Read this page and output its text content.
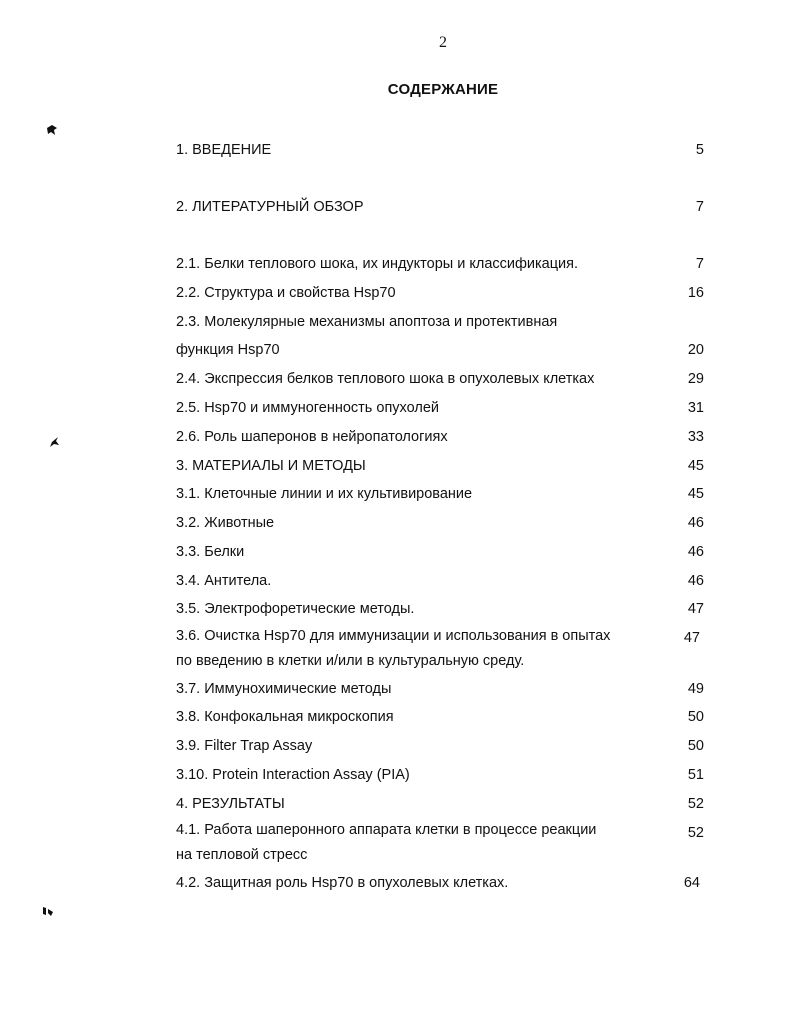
2
СОДЕРЖАНИЕ
1. ВВЕДЕНИЕ	5
2. ЛИТЕРАТУРНЫЙ ОБЗОР	7
2.1. Белки теплового шока, их индукторы и классификация.	7
2.2. Структура и свойства Hsp70	16
2.3. Молекулярные механизмы апоптоза и протективная
функция Hsp70	20
2.4. Экспрессия белков теплового шока в опухолевых клетках	29
2.5. Hsp70 и иммуногенность опухолей	31
2.6. Роль шаперонов в нейропатологиях	33
3. МАТЕРИАЛЫ И МЕТОДЫ	45
3.1. Клеточные линии и их культивирование	45
3.2. Животные	46
3.3. Белки	46
3.4. Антитела.	46
3.5. Электрофоретические методы.	47
3.6. Очистка Hsp70 для иммунизации и использования в опытах	47
по введению в клетки и/или в культуральную среду.
3.7. Иммунохимические методы	49
3.8. Конфокальная микроскопия	50
3.9. Filter Trap Assay	50
3.10. Protein Interaction Assay (PIA)	51
4. РЕЗУЛЬТАТЫ	52
4.1. Работа шаперонного аппарата клетки в процессе реакции	52
на тепловой стресс
4.2. Защитная роль Hsp70 в опухолевых клетках.	64
